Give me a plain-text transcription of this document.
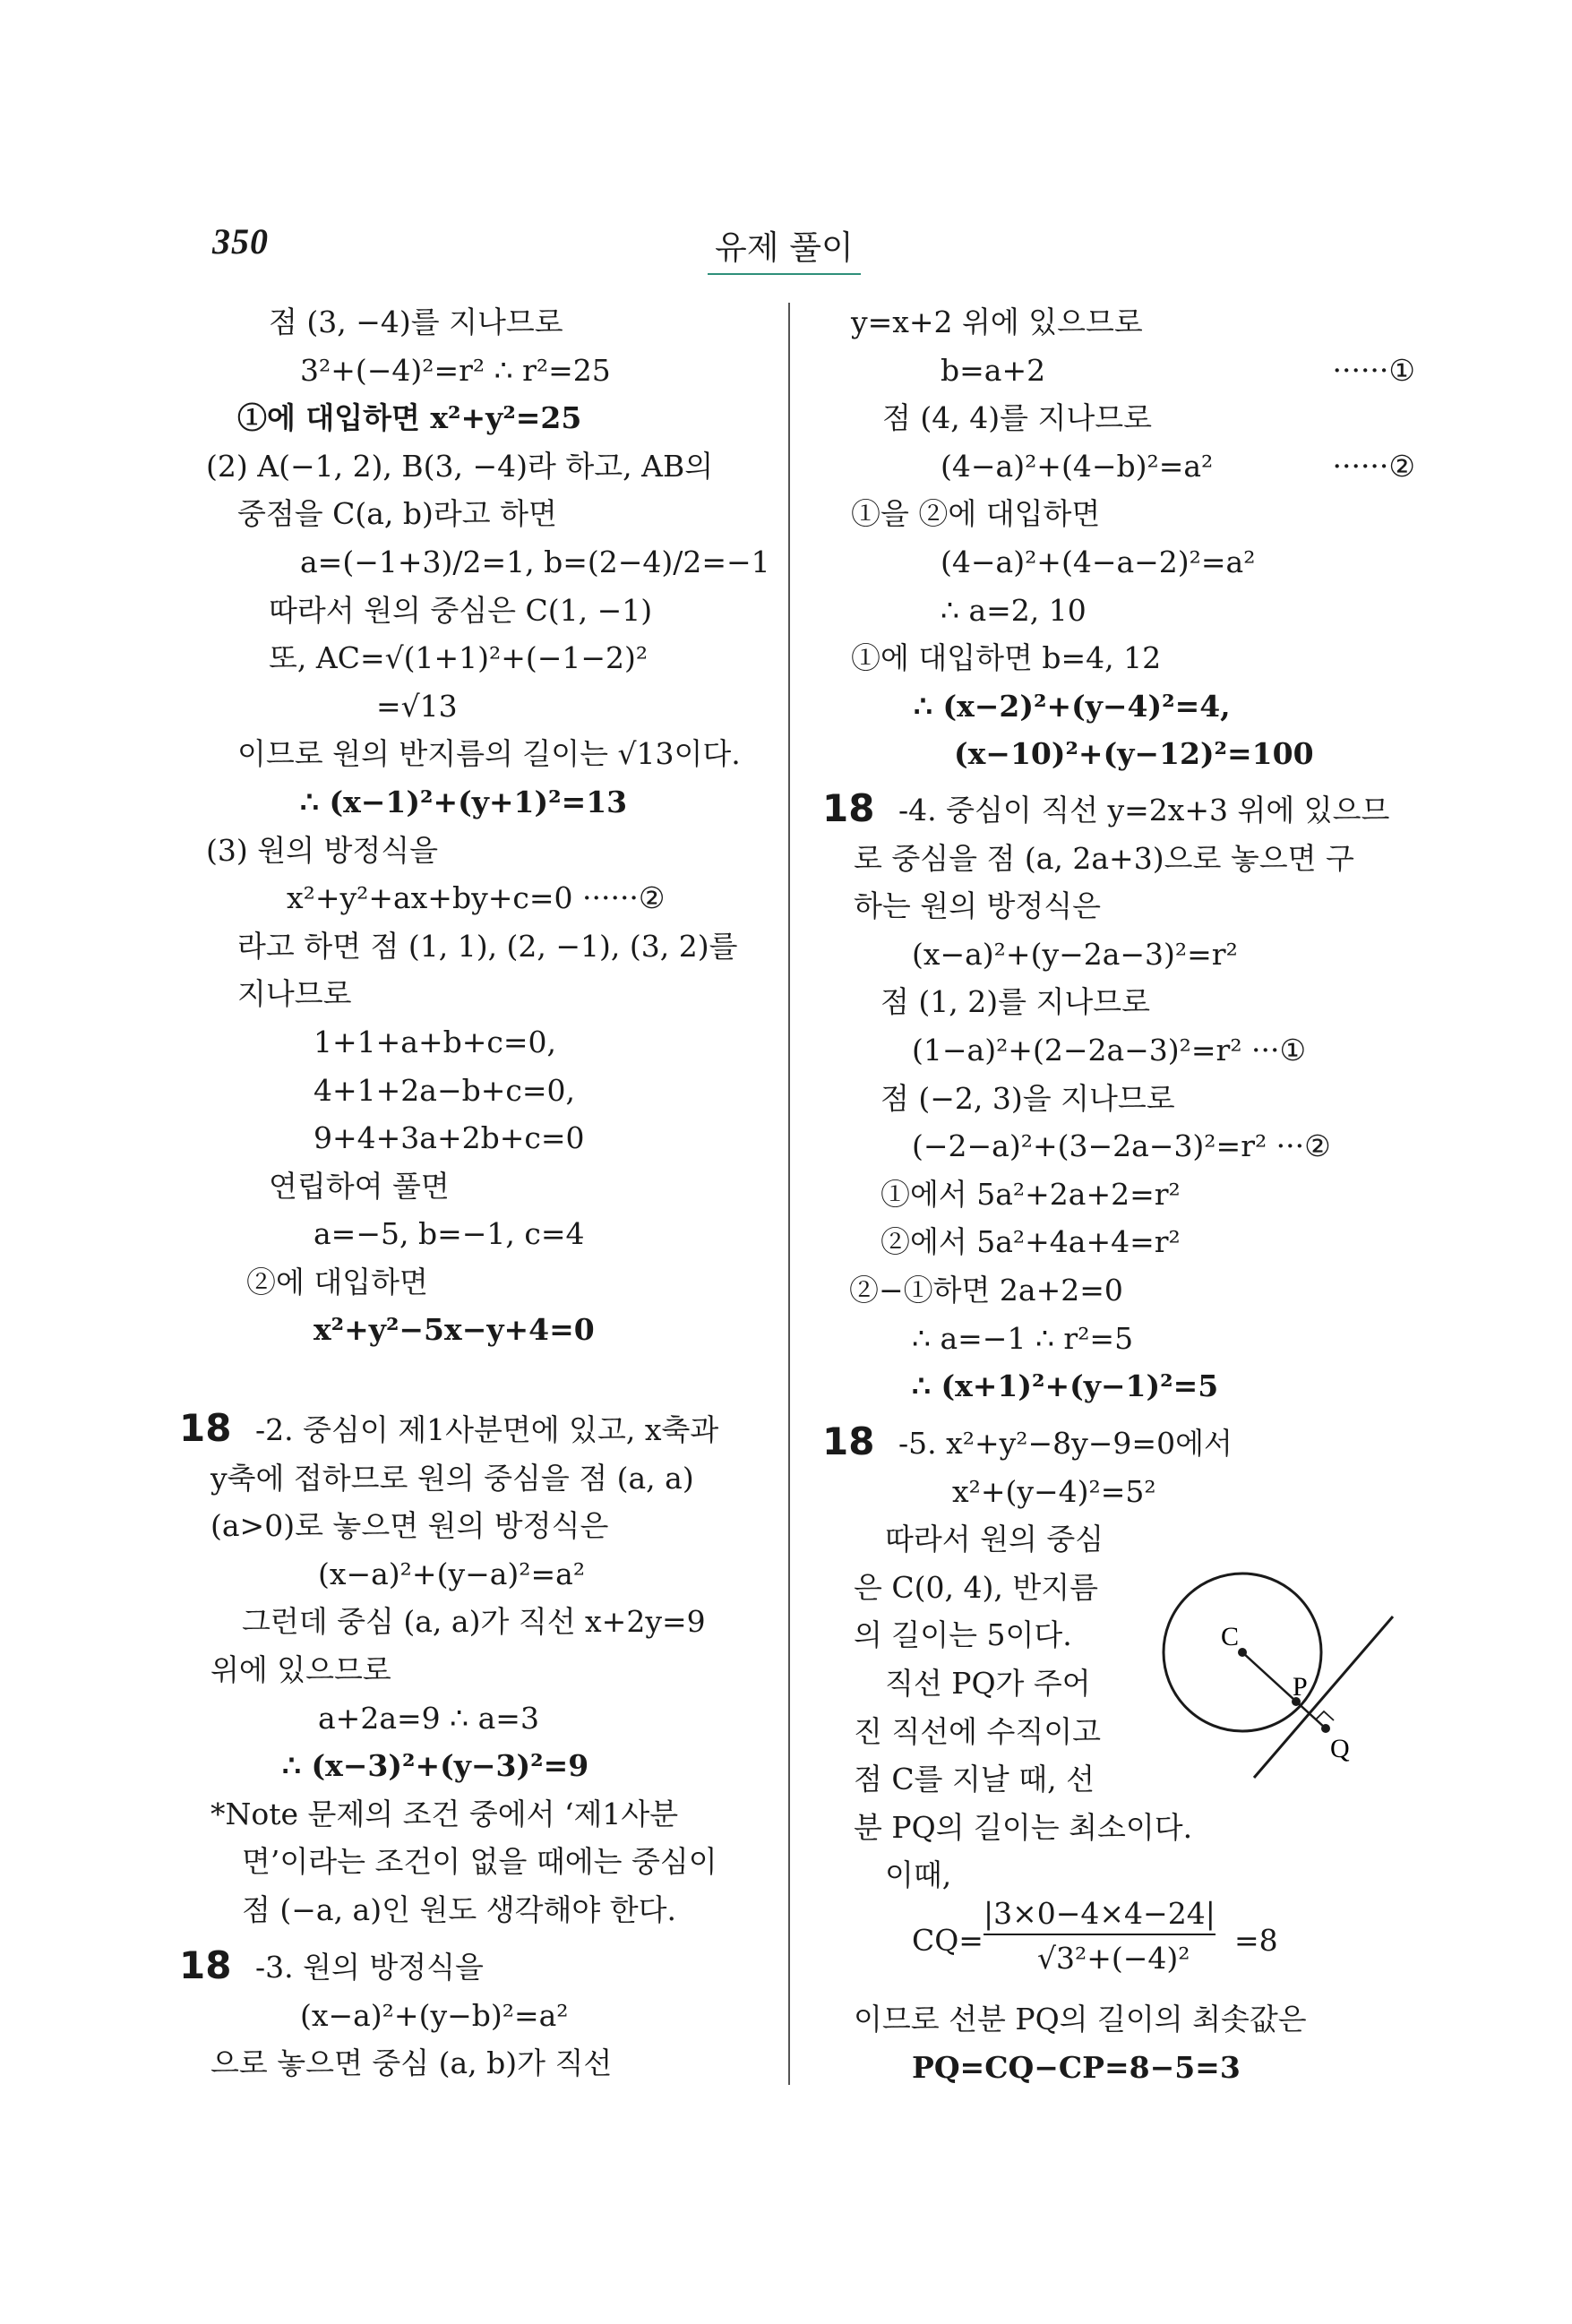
350	유제 풀이
점 (3, −4)를 지나므로
3²+(−4)²=r² ∴ r²=25
①에 대입하면 x²+y²=25
(2) A(−1, 2), B(3, −4)라 하고, AB의
중점을 C(a, b)라고 하면
a=(−1+3)/2=1, b=(2−4)/2=−1
따라서 원의 중심은 C(1, −1)
또, AC=√(1+1)²+(−1−2)²
=√13
이므로 원의 반지름의 길이는 √13이다.
∴ (x−1)²+(y+1)²=13
(3) 원의 방정식을
x²+y²+ax+by+c=0 ······②
라고 하면 점 (1, 1), (2, −1), (3, 2)를
지나므로
1+1+a+b+c=0,
4+1+2a−b+c=0,
9+4+3a+2b+c=0
연립하여 풀면
a=−5, b=−1, c=4
②에 대입하면
x²+y²−5x−y+4=0
18 -2. 중심이 제1사분면에 있고, x축과
y축에 접하므로 원의 중심을 점 (a, a)
(a>0)로 놓으면 원의 방정식은
(x−a)²+(y−a)²=a²
그런데 중심 (a, a)가 직선 x+2y=9
위에 있으므로
a+2a=9 ∴ a=3
∴ (x−3)²+(y−3)²=9
*Note 문제의 조건 중에서 ‘제1사분
면’이라는 조건이 없을 때에는 중심이
점 (−a, a)인 원도 생각해야 한다.
18 -3. 원의 방정식을
(x−a)²+(y−b)²=a²
으로 놓으면 중심 (a, b)가 직선
y=x+2 위에 있으므로
b=a+2	······①
점 (4, 4)를 지나므로
(4−a)²+(4−b)²=a²	······②
①을 ②에 대입하면
(4−a)²+(4−a−2)²=a²
∴ a=2, 10
①에 대입하면 b=4, 12
∴ (x−2)²+(y−4)²=4,
(x−10)²+(y−12)²=100
18 -4. 중심이 직선 y=2x+3 위에 있으므
로 중심을 점 (a, 2a+3)으로 놓으면 구
하는 원의 방정식은
(x−a)²+(y−2a−3)²=r²
점 (1, 2)를 지나므로
(1−a)²+(2−2a−3)²=r² ···①
점 (−2, 3)을 지나므로
(−2−a)²+(3−2a−3)²=r² ···②
①에서 5a²+2a+2=r²
②에서 5a²+4a+4=r²
②−①하면 2a+2=0
∴ a=−1 ∴ r²=5
∴ (x+1)²+(y−1)²=5
18 -5. x²+y²−8y−9=0에서
x²+(y−4)²=5²
따라서 원의 중심
은 C(0, 4), 반지름
의 길이는 5이다.
직선 PQ가 주어
진 직선에 수직이고
점 C를 지날 때, 선
분 PQ의 길이는 최소이다.
이때,
CQ=
|3×0−4×4−24|
√3²+(−4)²
=8
이므로 선분 PQ의 길이의 최솟값은
PQ=CQ−CP=8−5=3
C
P
Q
